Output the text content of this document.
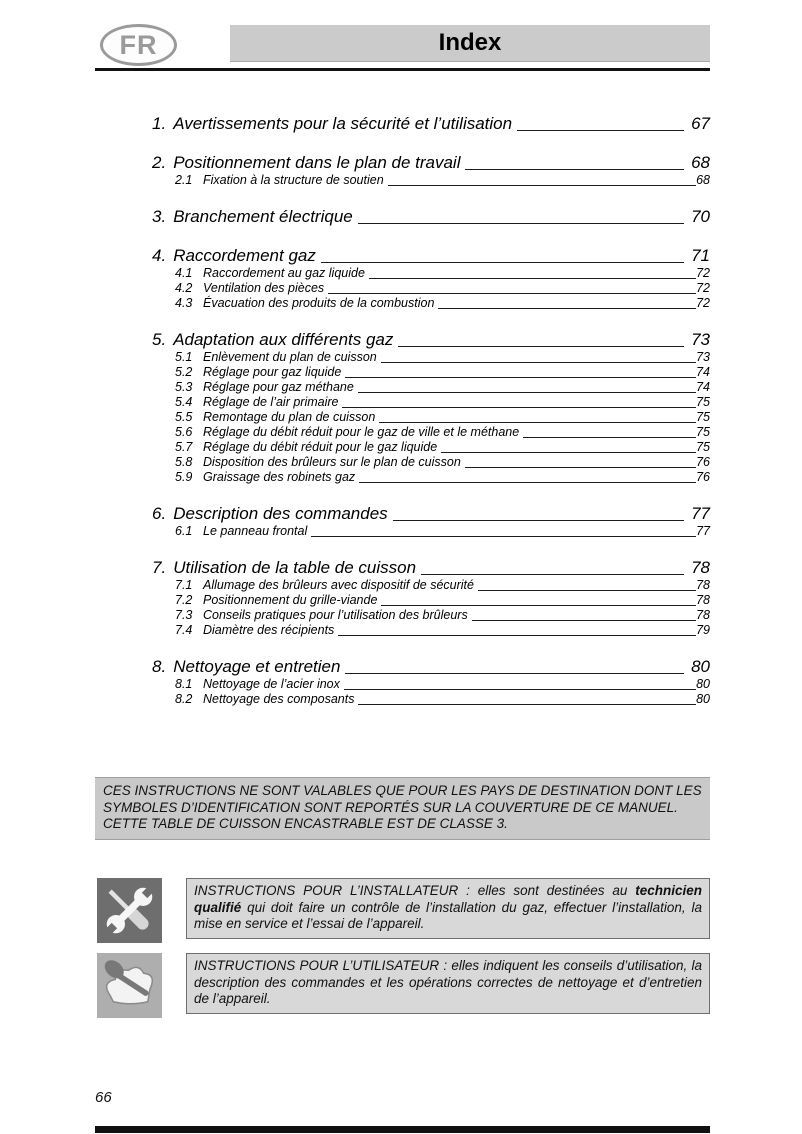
FR	Index
1. Avertissements pour la sécurité et l’utilisation	67
2. Positionnement dans le plan de travail	68
2.1 Fixation à la structure de soutien	68
3. Branchement électrique	70
4. Raccordement gaz	71
4.1 Raccordement au gaz liquide	72
4.2 Ventilation des pièces	72
4.3 Évacuation des produits de la combustion	72
5. Adaptation aux différents gaz	73
5.1 Enlèvement du plan de cuisson	73
5.2 Réglage pour gaz liquide	74
5.3 Réglage pour gaz méthane	74
5.4 Réglage de l’air primaire	75
5.5 Remontage du plan de cuisson	75
5.6 Réglage du débit réduit pour le gaz de ville et le méthane	75
5.7 Réglage du débit réduit pour le gaz liquide	75
5.8 Disposition des brûleurs sur le plan de cuisson	76
5.9 Graissage des robinets gaz	76
6. Description des commandes	77
6.1 Le panneau frontal	77
7. Utilisation de la table de cuisson	78
7.1 Allumage des brûleurs avec dispositif de sécurité	78
7.2 Positionnement du grille-viande	78
7.3 Conseils pratiques pour l’utilisation des brûleurs	78
7.4 Diamètre des récipients	79
8. Nettoyage et entretien	80
8.1 Nettoyage de l’acier inox	80
8.2 Nettoyage des composants	80
CES INSTRUCTIONS NE SONT VALABLES QUE POUR LES PAYS DE DESTINATION DONT LES
SYMBOLES D’IDENTIFICATION SONT REPORTÉS SUR LA COUVERTURE DE CE MANUEL.
CETTE TABLE DE CUISSON ENCASTRABLE EST DE CLASSE 3.
INSTRUCTIONS POUR L’INSTALLATEUR : elles sont destinées au technicien qualifié qui doit faire un contrôle de l’installation du gaz, effectuer l’installation, la mise en service et l’essai de l’appareil.
INSTRUCTIONS POUR L’UTILISATEUR : elles indiquent les conseils d’utilisation, la description des commandes et les opérations correctes de nettoyage et d’entretien de l’appareil.
66
